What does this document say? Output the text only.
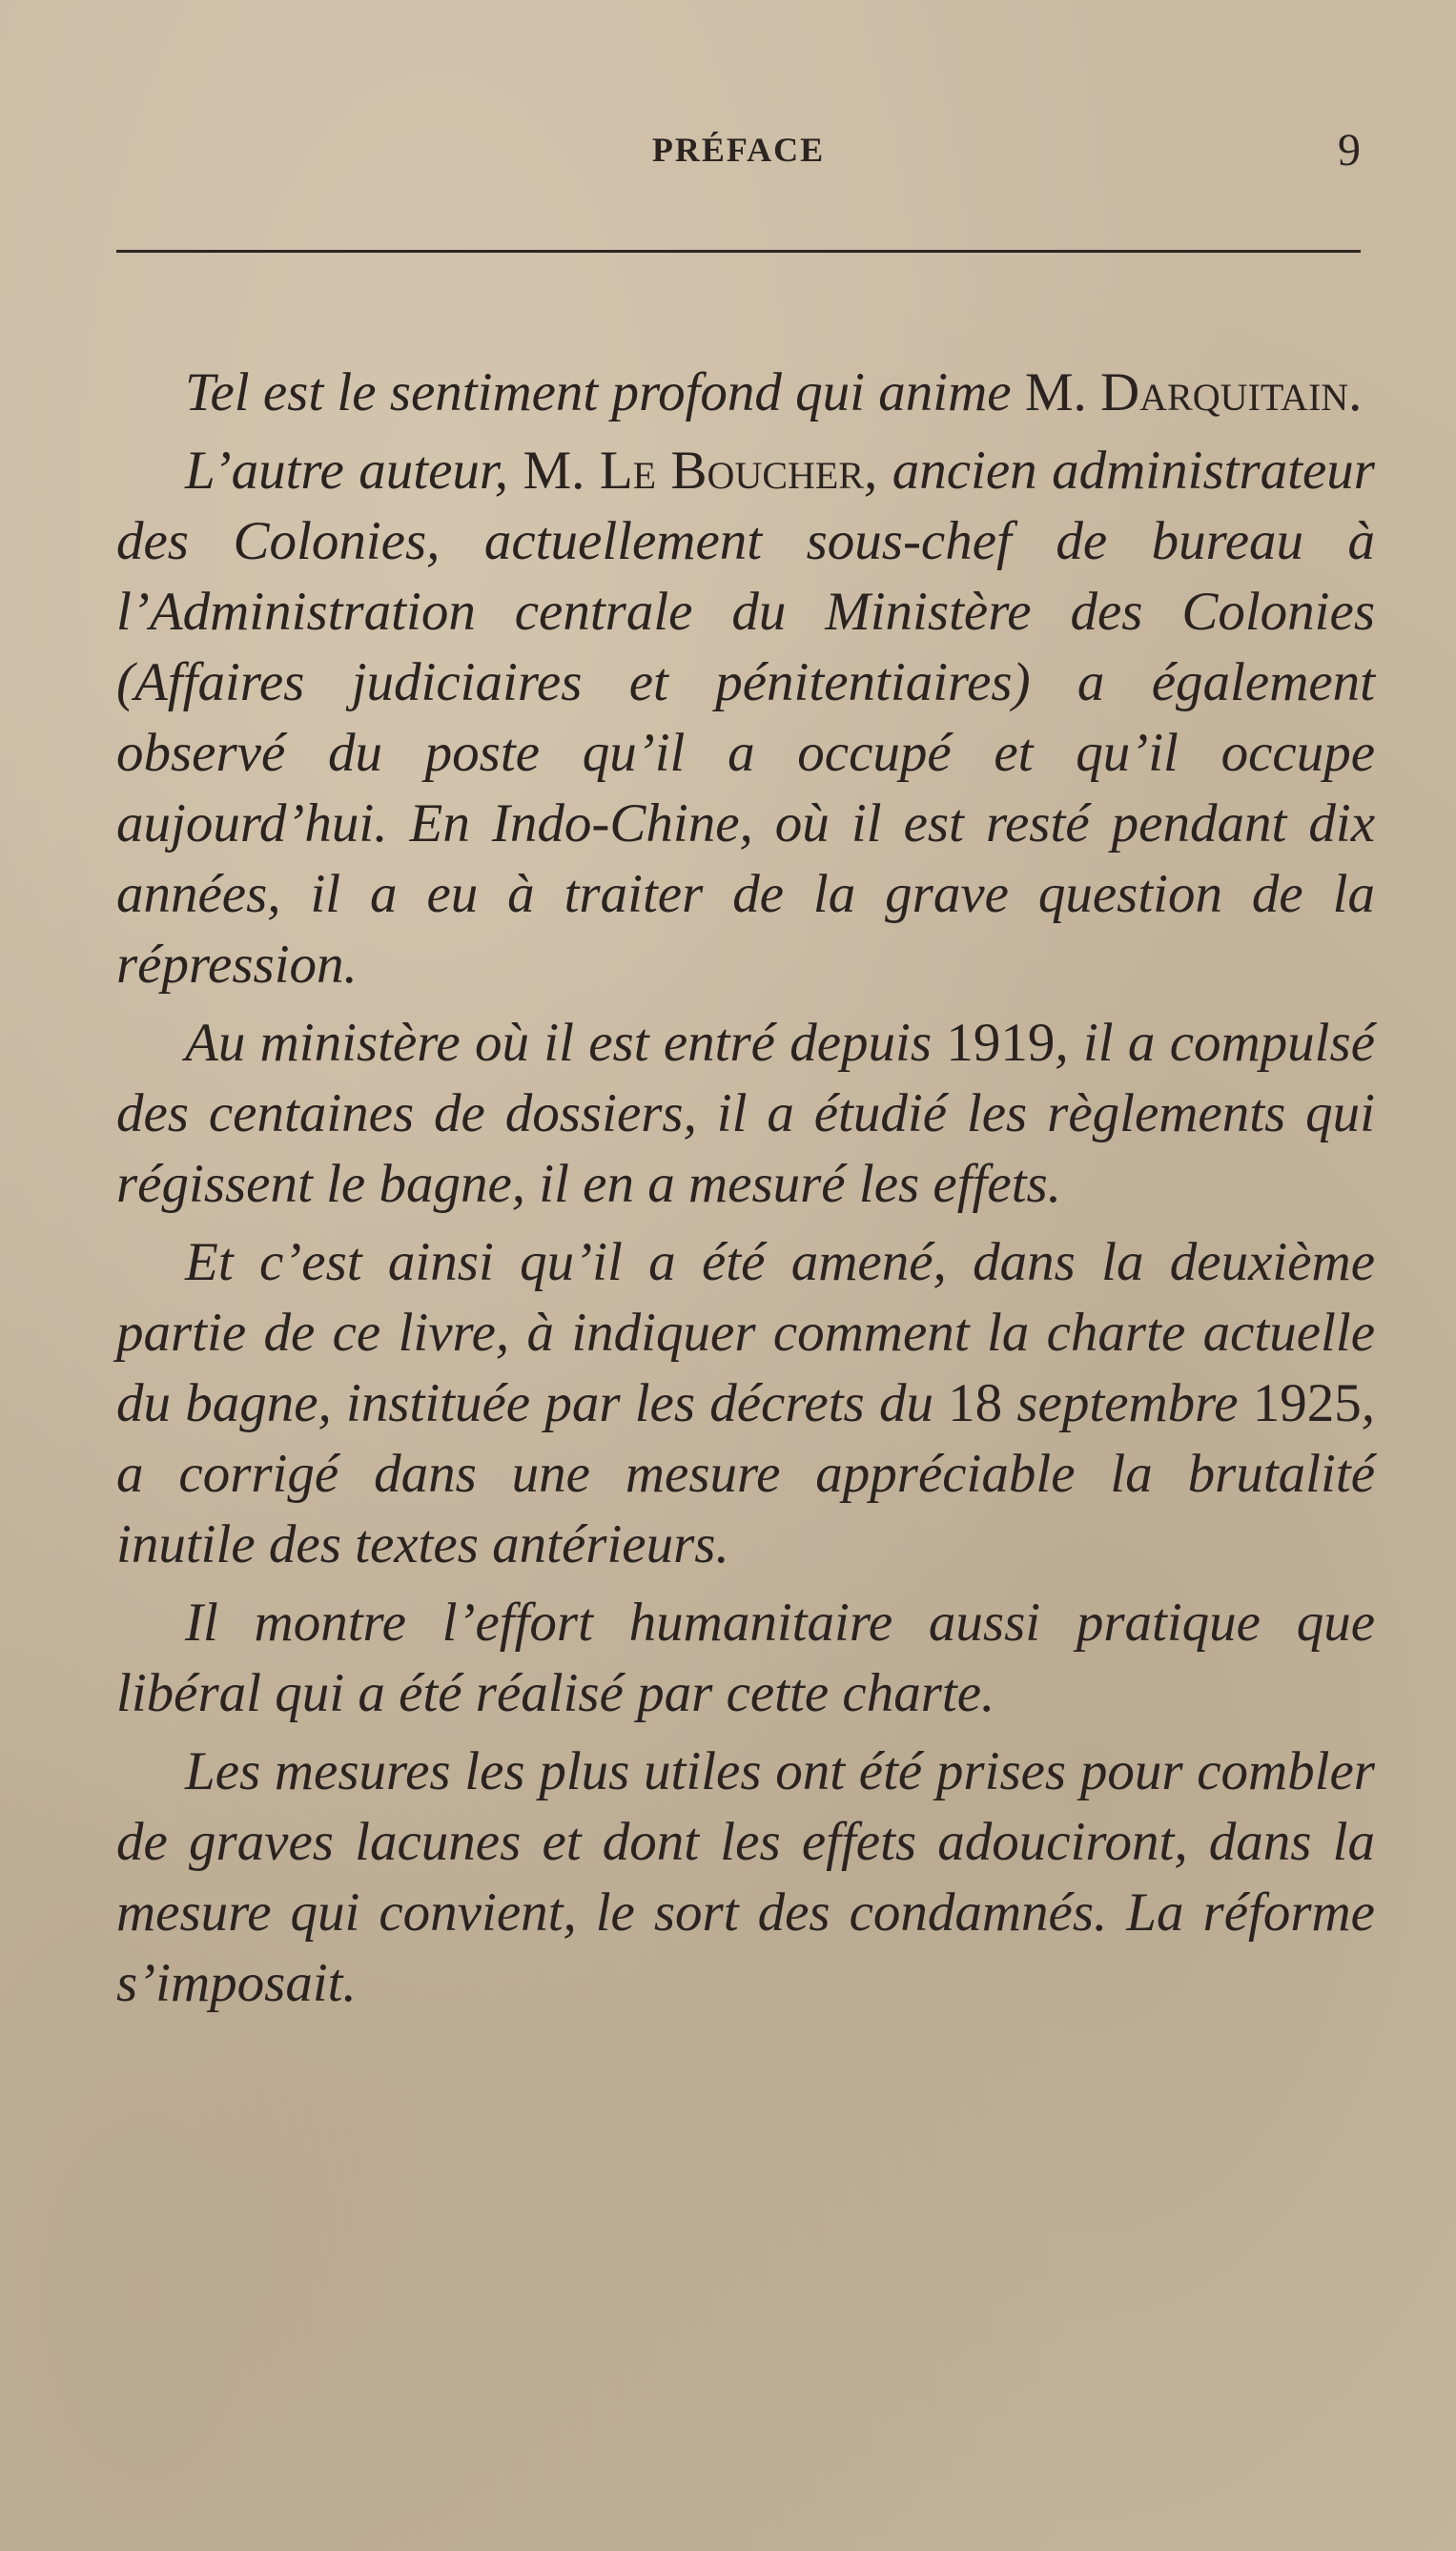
PRÉFACE	9

Tel est le sentiment profond qui anime M. Darquitain.

L’autre auteur, M. Le Boucher, ancien administrateur des Colonies, actuellement sous-chef de bureau à l’Administration centrale du Ministère des Colonies (Affaires judiciaires et pénitentiaires) a également observé du poste qu’il a occupé et qu’il occupe aujourd’hui. En Indo-Chine, où il est resté pendant dix années, il a eu à traiter de la grave question de la répression.

Au ministère où il est entré depuis 1919, il a compulsé des centaines de dossiers, il a étudié les règlements qui régissent le bagne, il en a mesuré les effets.

Et c’est ainsi qu’il a été amené, dans la deuxième partie de ce livre, à indiquer comment la charte actuelle du bagne, instituée par les décrets du 18 septembre 1925, a corrigé dans une mesure appréciable la brutalité inutile des textes antérieurs.

Il montre l’effort humanitaire aussi pratique que libéral qui a été réalisé par cette charte.

Les mesures les plus utiles ont été prises pour combler de graves lacunes et dont les effets adouciront, dans la mesure qui convient, le sort des condamnés. La réforme s’imposait.
